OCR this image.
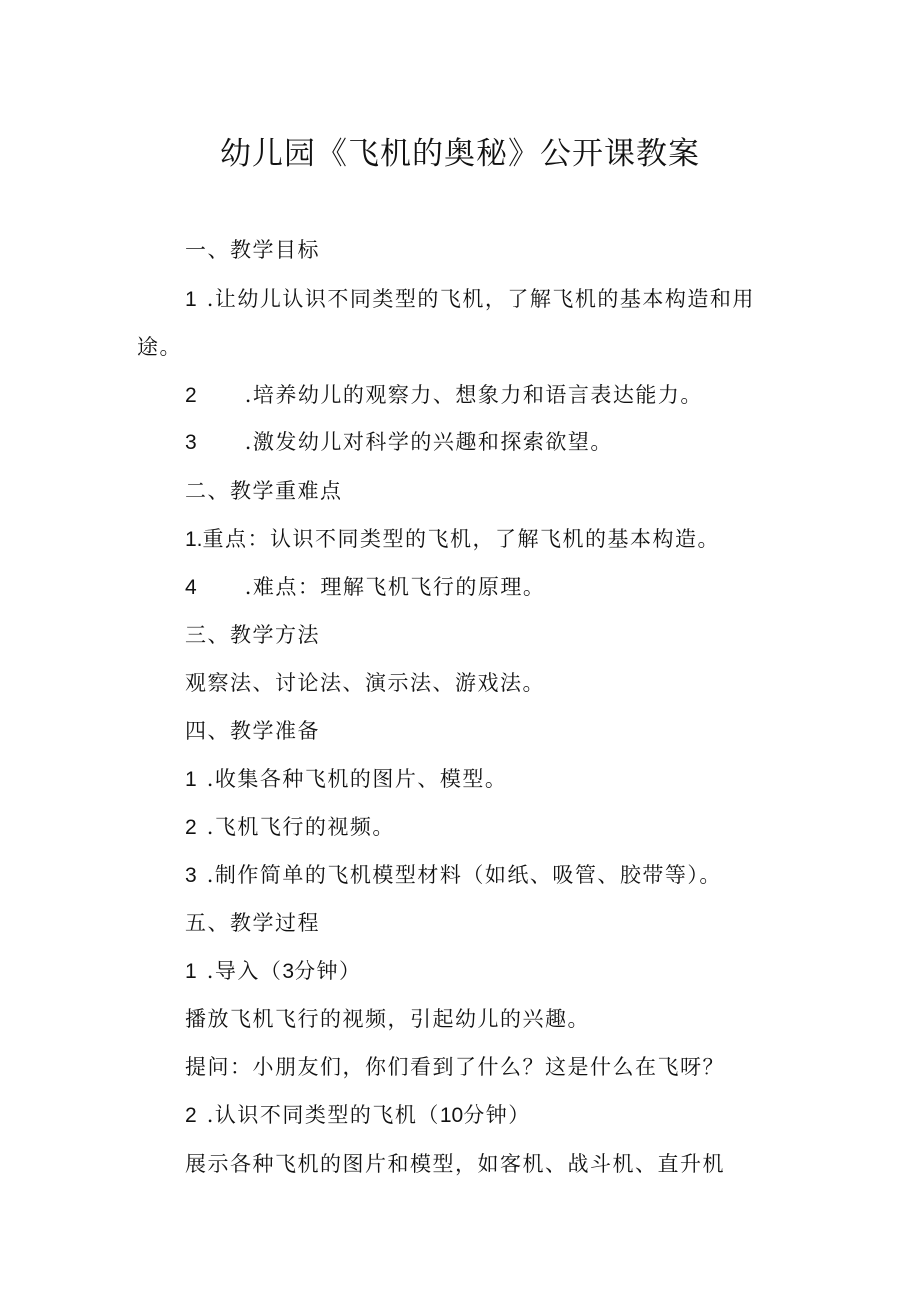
幼儿园《飞机的奥秘》公开课教案

一、教学目标

1 .让幼儿认识不同类型的飞机，了解飞机的基本构造和用

途。

2 .培养幼儿的观察力、想象力和语言表达能力。

3 .激发幼儿对科学的兴趣和探索欲望。

二、教学重难点

1.重点：认识不同类型的飞机，了解飞机的基本构造。

4 .难点：理解飞机飞行的原理。

三、教学方法

观察法、讨论法、演示法、游戏法。

四、教学准备

1 .收集各种飞机的图片、模型。

2 .飞机飞行的视频。

3 .制作简单的飞机模型材料（如纸、吸管、胶带等）。

五、教学过程

1 .导入（3分钟）

播放飞机飞行的视频，引起幼儿的兴趣。

提问：小朋友们，你们看到了什么？这是什么在飞呀？

2 .认识不同类型的飞机（10分钟）

展示各种飞机的图片和模型，如客机、战斗机、直升机
